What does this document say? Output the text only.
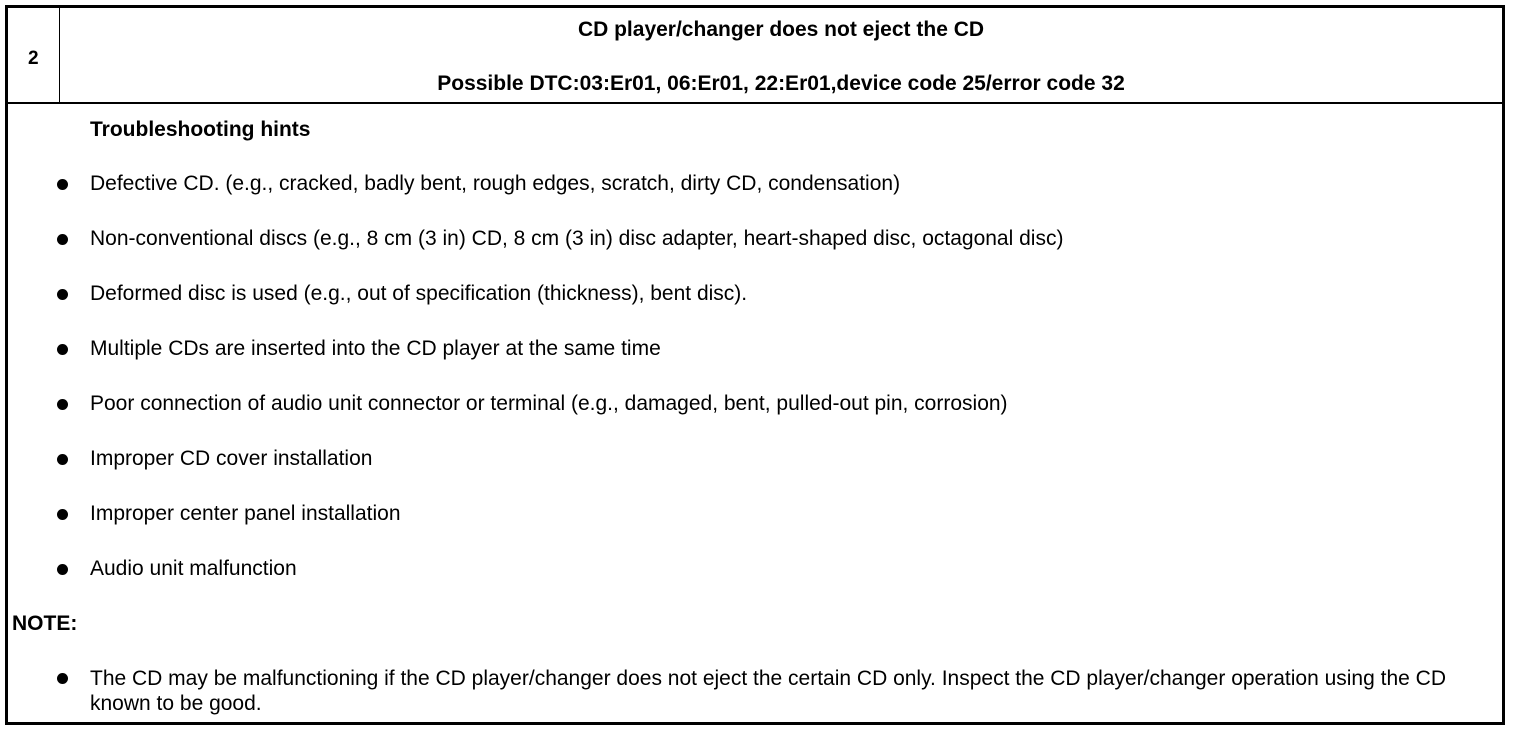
2
CD player/changer does not eject the CD
Possible DTC:03:Er01, 06:Er01, 22:Er01,device code 25/error code 32
Troubleshooting hints
Defective CD. (e.g., cracked, badly bent, rough edges, scratch, dirty CD, condensation)
Non-conventional discs (e.g., 8 cm (3 in) CD, 8 cm (3 in) disc adapter, heart-shaped disc, octagonal disc)
Deformed disc is used (e.g., out of specification (thickness), bent disc).
Multiple CDs are inserted into the CD player at the same time
Poor connection of audio unit connector or terminal (e.g., damaged, bent, pulled-out pin, corrosion)
Improper CD cover installation
Improper center panel installation
Audio unit malfunction
NOTE:
The CD may be malfunctioning if the CD player/changer does not eject the certain CD only. Inspect the CD player/changer operation using the CD known to be good.
